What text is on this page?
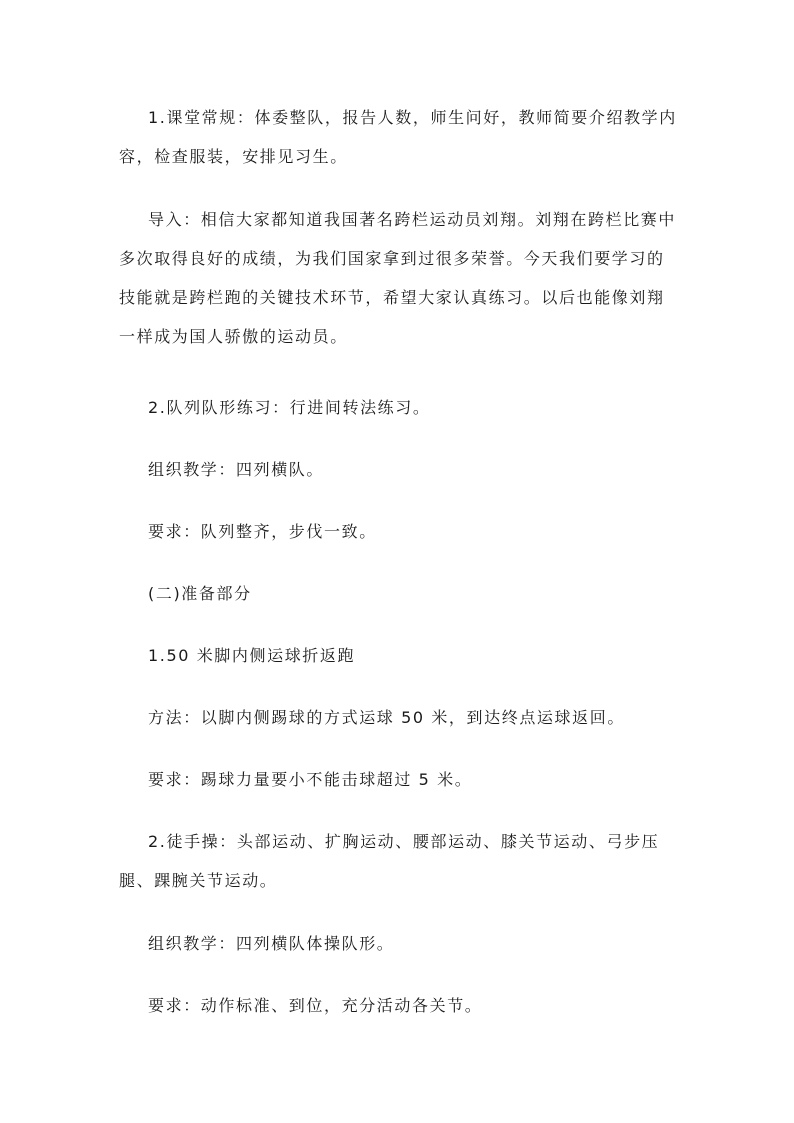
1.课堂常规：体委整队，报告人数，师生问好，教师简要介绍教学内容，检查服装，安排见习生。

导入：相信大家都知道我国著名跨栏运动员刘翔。刘翔在跨栏比赛中多次取得良好的成绩，为我们国家拿到过很多荣誉。今天我们要学习的技能就是跨栏跑的关键技术环节，希望大家认真练习。以后也能像刘翔一样成为国人骄傲的运动员。

2.队列队形练习：行进间转法练习。

组织教学：四列横队。

要求：队列整齐，步伐一致。

(二)准备部分

1.50 米脚内侧运球折返跑

方法：以脚内侧踢球的方式运球 50 米，到达终点运球返回。

要求：踢球力量要小不能击球超过 5 米。

2.徒手操：头部运动、扩胸运动、腰部运动、膝关节运动、弓步压腿、踝腕关节运动。

组织教学：四列横队体操队形。

要求：动作标准、到位，充分活动各关节。
